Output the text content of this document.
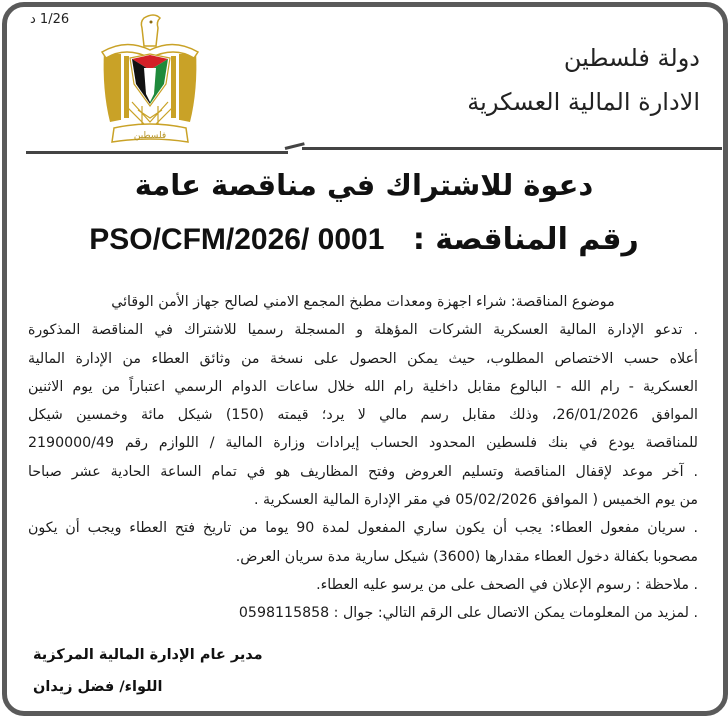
1/26 د
فلسطين
دولة فلسطين
الادارة المالية العسكرية
دعوة للاشتراك في مناقصة عامة
PSO/CFM/2026/ 0001 رقم المناقصة :

موضوع المناقصة: شراء اجهزة ومعدات مطبخ المجمع الامني لصالح جهاز الأمن الوقائي

. تدعو الإدارة المالية العسكرية الشركات المؤهلة و المسجلة رسميا للاشتراك في المناقصة المذكورة

أعلاه حسب الاختصاص المطلوب، حيث يمكن الحصول على نسخة من وثائق العطاء من الإدارة المالية

العسكرية - رام الله - البالوع مقابل داخلية رام الله خلال ساعات الدوام الرسمي اعتباراً من يوم الاثنين

الموافق 26/01/2026، وذلك مقابل رسم مالي لا يرد؛ قيمته (150) شيكل مائة وخمسين شيكل

للمناقصة يودع في بنك فلسطين المحدود الحساب إيرادات وزارة المالية / اللوازم رقم 2190000/49

. آخر موعد لإقفال المناقصة وتسليم العروض وفتح المظاريف هو في تمام الساعة الحادية عشر صباحا

من يوم الخميس ( الموافق 05/02/2026 في مقر الإدارة المالية العسكرية .

. سريان مفعول العطاء: يجب أن يكون ساري المفعول لمدة 90 يوما من تاريخ فتح العطاء ويجب أن يكون

مصحوبا بكفالة دخول العطاء مقدارها (3600) شيكل سارية مدة سريان العرض.

. ملاحظة : رسوم الإعلان في الصحف على من يرسو عليه العطاء.

. لمزيد من المعلومات يمكن الاتصال على الرقم التالي: جوال : 0598115858

مدير عام الإدارة المالية المركزية
اللواء/ فضل زيدان
